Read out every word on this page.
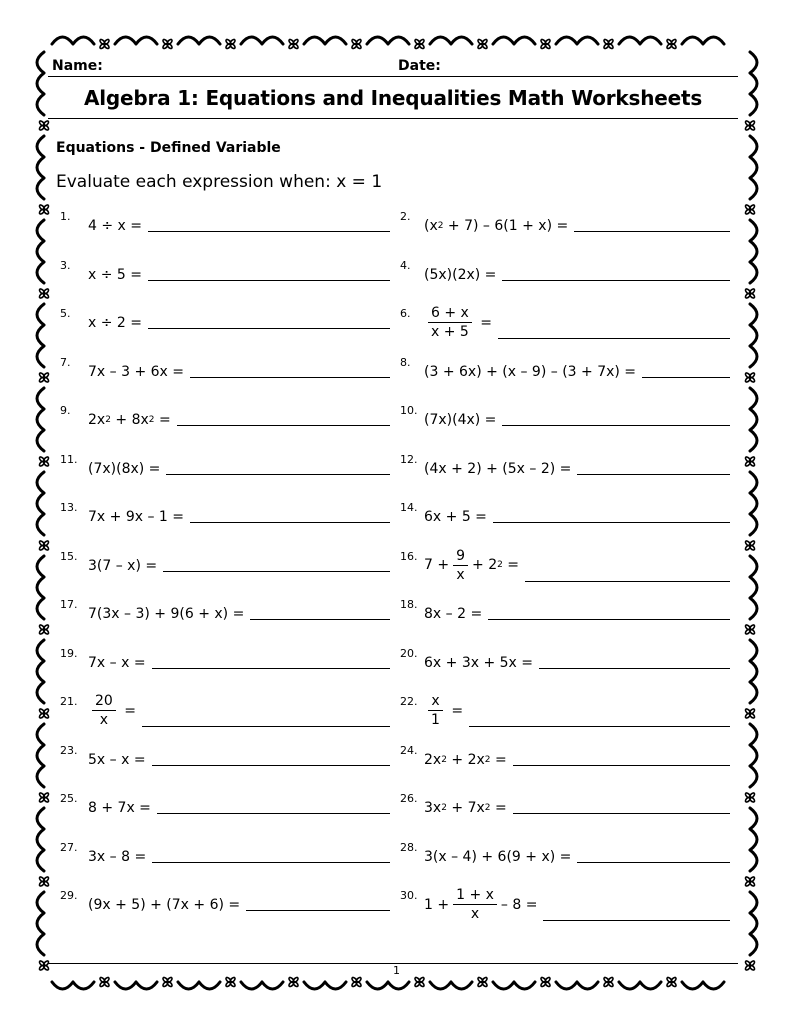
Name:	Date:
Algebra 1: Equations and Inequalities Math Worksheets
Equations - Defined Variable
Evaluate each expression when: x = 1
1.
4 ÷ x =
2.
(x 2 + 7) – 6(1 + x) =
3.
x ÷ 5 =
4.
(5x)(2x) =
5.
x ÷ 2 =
6. $\frac{6 + x}{x + 5}$ =
7.
7x – 3 + 6x =
8.
(3 + 6x) + (x – 9) – (3 + 7x) =
9.
2x 2 + 8x 2 =
10.
(7x)(4x) =
11.
(7x)(8x) =
12.
(4x + 2) + (5x – 2) =
13.
7x + 9x – 1 =
14.
6x + 5 =
15.
3(7 – x) =
16.
$7 + \frac{9}{x} + 2$ 2 =
17.
7(3x – 3) + 9(6 + x) =
18.
8x – 2 =
19.
7x – x =
20.
6x + 3x + 5x =
21. $\frac{20}{x}$ =
22. $\frac{x}{1}$ =
23.
5x – x =
24.
2x 2 + 2x 2 =
25.
8 + 7x =
26.
3x 2 + 7x 2 =
27.
3x – 8 =
28.
3(x – 4) + 6(9 + x) =
29.
(9x + 5) + (7x + 6) =
30.
$1 + \frac{1 + x}{x} - 8$ =
1
